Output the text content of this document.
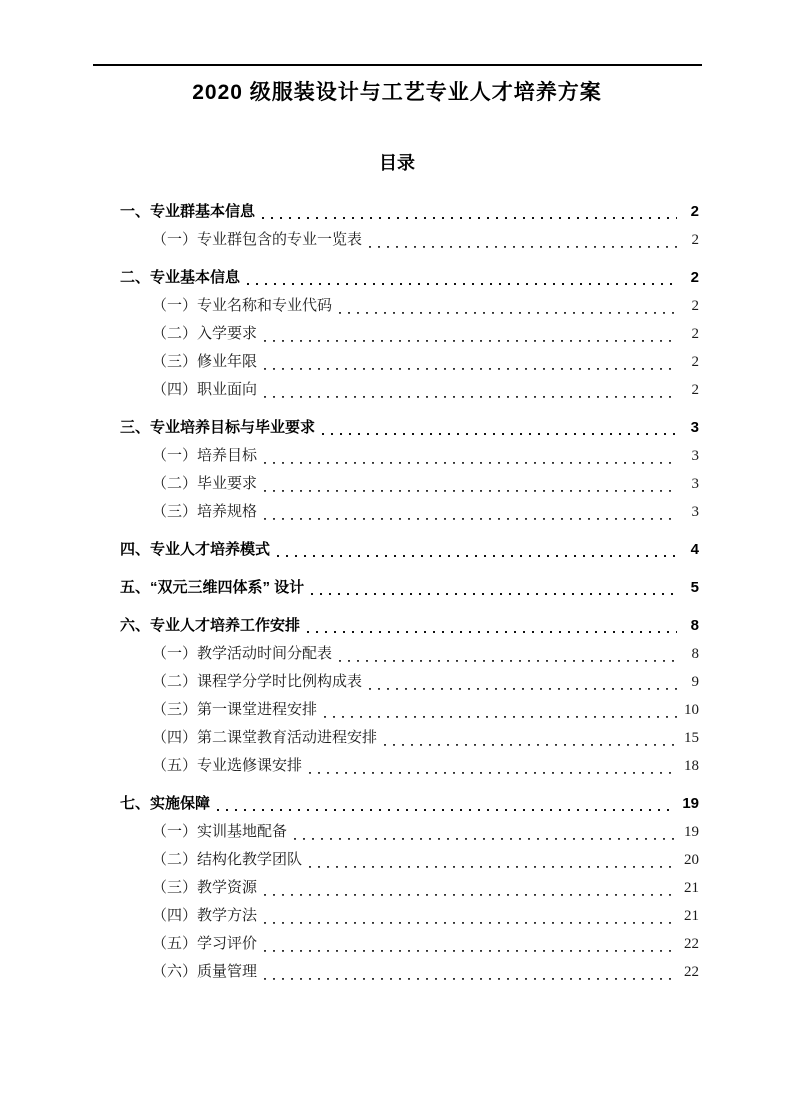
2020 级服装设计与工艺专业人才培养方案
目录
一、专业群基本信息	2
（一）专业群包含的专业一览表	2
二、专业基本信息	2
（一）专业名称和专业代码	2
（二）入学要求	2
（三）修业年限	2
（四）职业面向	2
三、专业培养目标与毕业要求	3
（一）培养目标	3
（二）毕业要求	3
（三）培养规格	3
四、专业人才培养模式	4
五、“双元三维四体系” 设计	5
六、专业人才培养工作安排	8
（一）教学活动时间分配表	8
（二）课程学分学时比例构成表	9
（三）第一课堂进程安排	10
（四）第二课堂教育活动进程安排	15
（五）专业选修课安排	18
七、实施保障	19
（一）实训基地配备	19
（二）结构化教学团队	20
（三）教学资源	21
（四）教学方法	21
（五）学习评价	22
（六）质量管理	22
